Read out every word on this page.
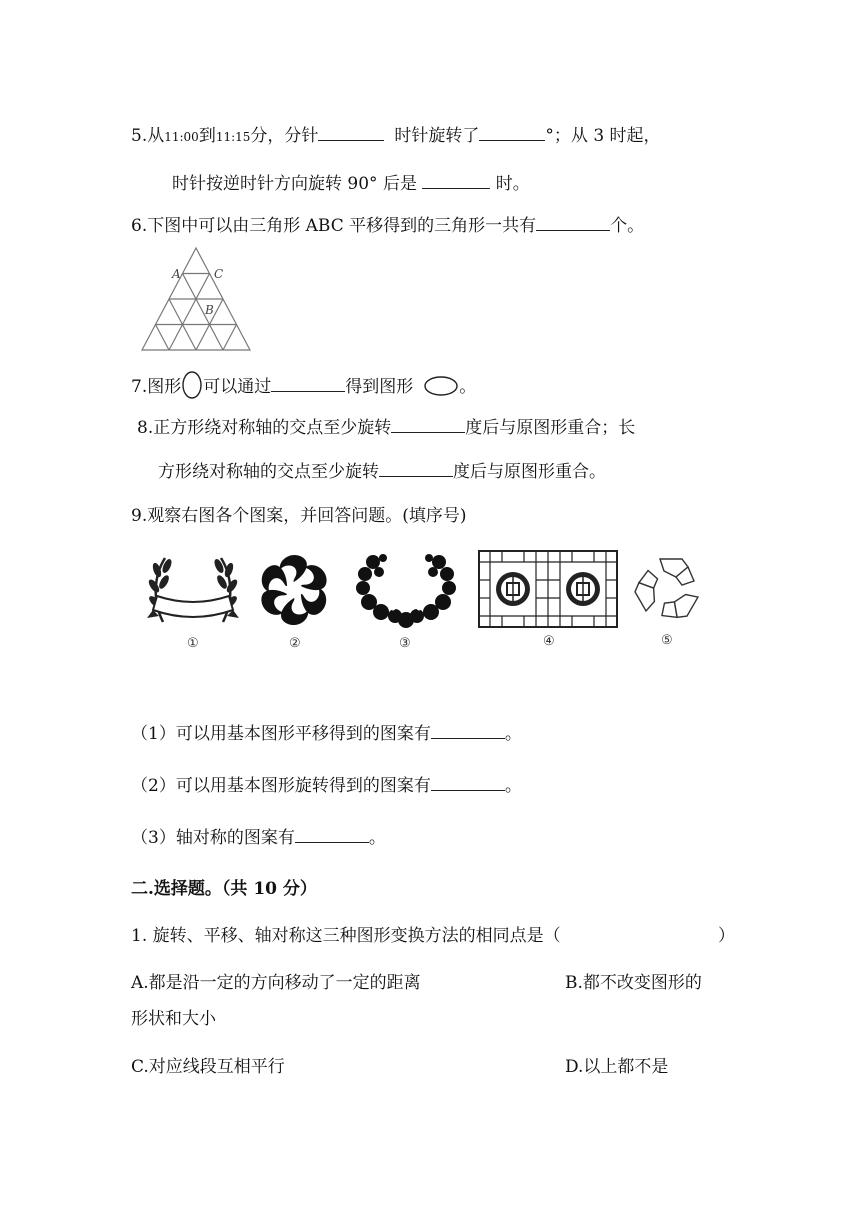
5.从11:00到11:15分，分针	时针旋转了	°；从 3 时起，
时针按逆时针方向旋转 90° 后是	时。
6.下图中可以由三角形 ABC 平移得到的三角形一共有	个。
A	C
B
7.图形 可以通过	得到图形	。
8.正方形绕对称轴的交点至少旋转	度后与原图形重合；长
方形绕对称轴的交点至少旋转	度后与原图形重合。
9.观察右图各个图案，并回答问题。(填序号)
①	②	③	④	⑤
（1）可以用基本图形平移得到的图案有	。
（2）可以用基本图形旋转得到的图案有	。
（3）轴对称的图案有	。
二.选择题。（共 10 分）
1. 旋转、平移、轴对称这三种图形变换方法的相同点是（	）
A.都是沿一定的方向移动了一定的距离	B.都不改变图形的
形状和大小
C.对应线段互相平行	D.以上都不是
